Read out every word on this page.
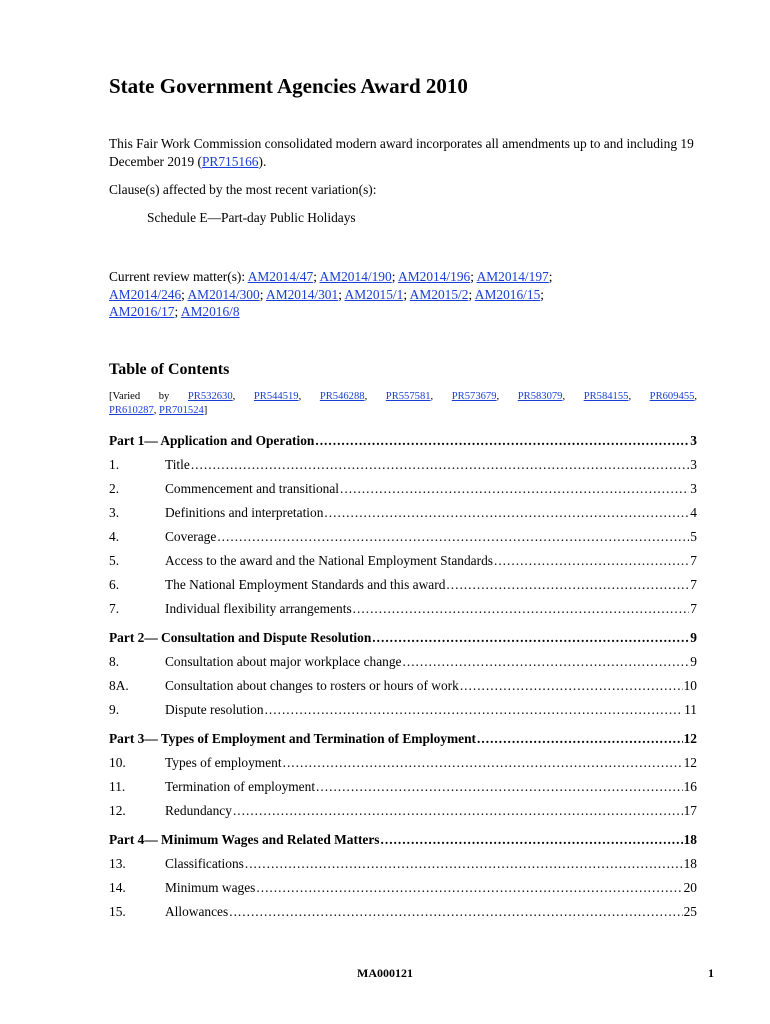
State Government Agencies Award 2010

This Fair Work Commission consolidated modern award incorporates all amendments up to and including 19 December 2019 (PR715166).

Clause(s) affected by the most recent variation(s):

Schedule E—Part-day Public Holidays

Current review matter(s): AM2014/47; AM2014/190; AM2014/196; AM2014/197;
AM2014/246; AM2014/300; AM2014/301; AM2015/1; AM2015/2; AM2016/15;
AM2016/17; AM2016/8

Table of Contents

[Varied by PR532630, PR544519, PR546288, PR557581, PR573679, PR583079, PR584155, PR609455,

PR610287, PR701524]

Part 1— Application and Operation .....	3
1.	Title .....	3
2.	Commencement and transitional .....	3
3.	Definitions and interpretation .....	4
4.	Coverage .....	5
5.	Access to the award and the National Employment Standards .....	7
6.	The National Employment Standards and this award .....	7
7.	Individual flexibility arrangements .....	7
Part 2— Consultation and Dispute Resolution .....	9
8.	Consultation about major workplace change .....	9
8A.	Consultation about changes to rosters or hours of work .....	10
9.	Dispute resolution .....	11
Part 3— Types of Employment and Termination of Employment .....	12
10.	Types of employment .....	12
11.	Termination of employment .....	16
12.	Redundancy .....	17
Part 4— Minimum Wages and Related Matters .....	18
13.	Classifications .....	18
14.	Minimum wages .....	20
15.	Allowances .....	25
MA000121	1
